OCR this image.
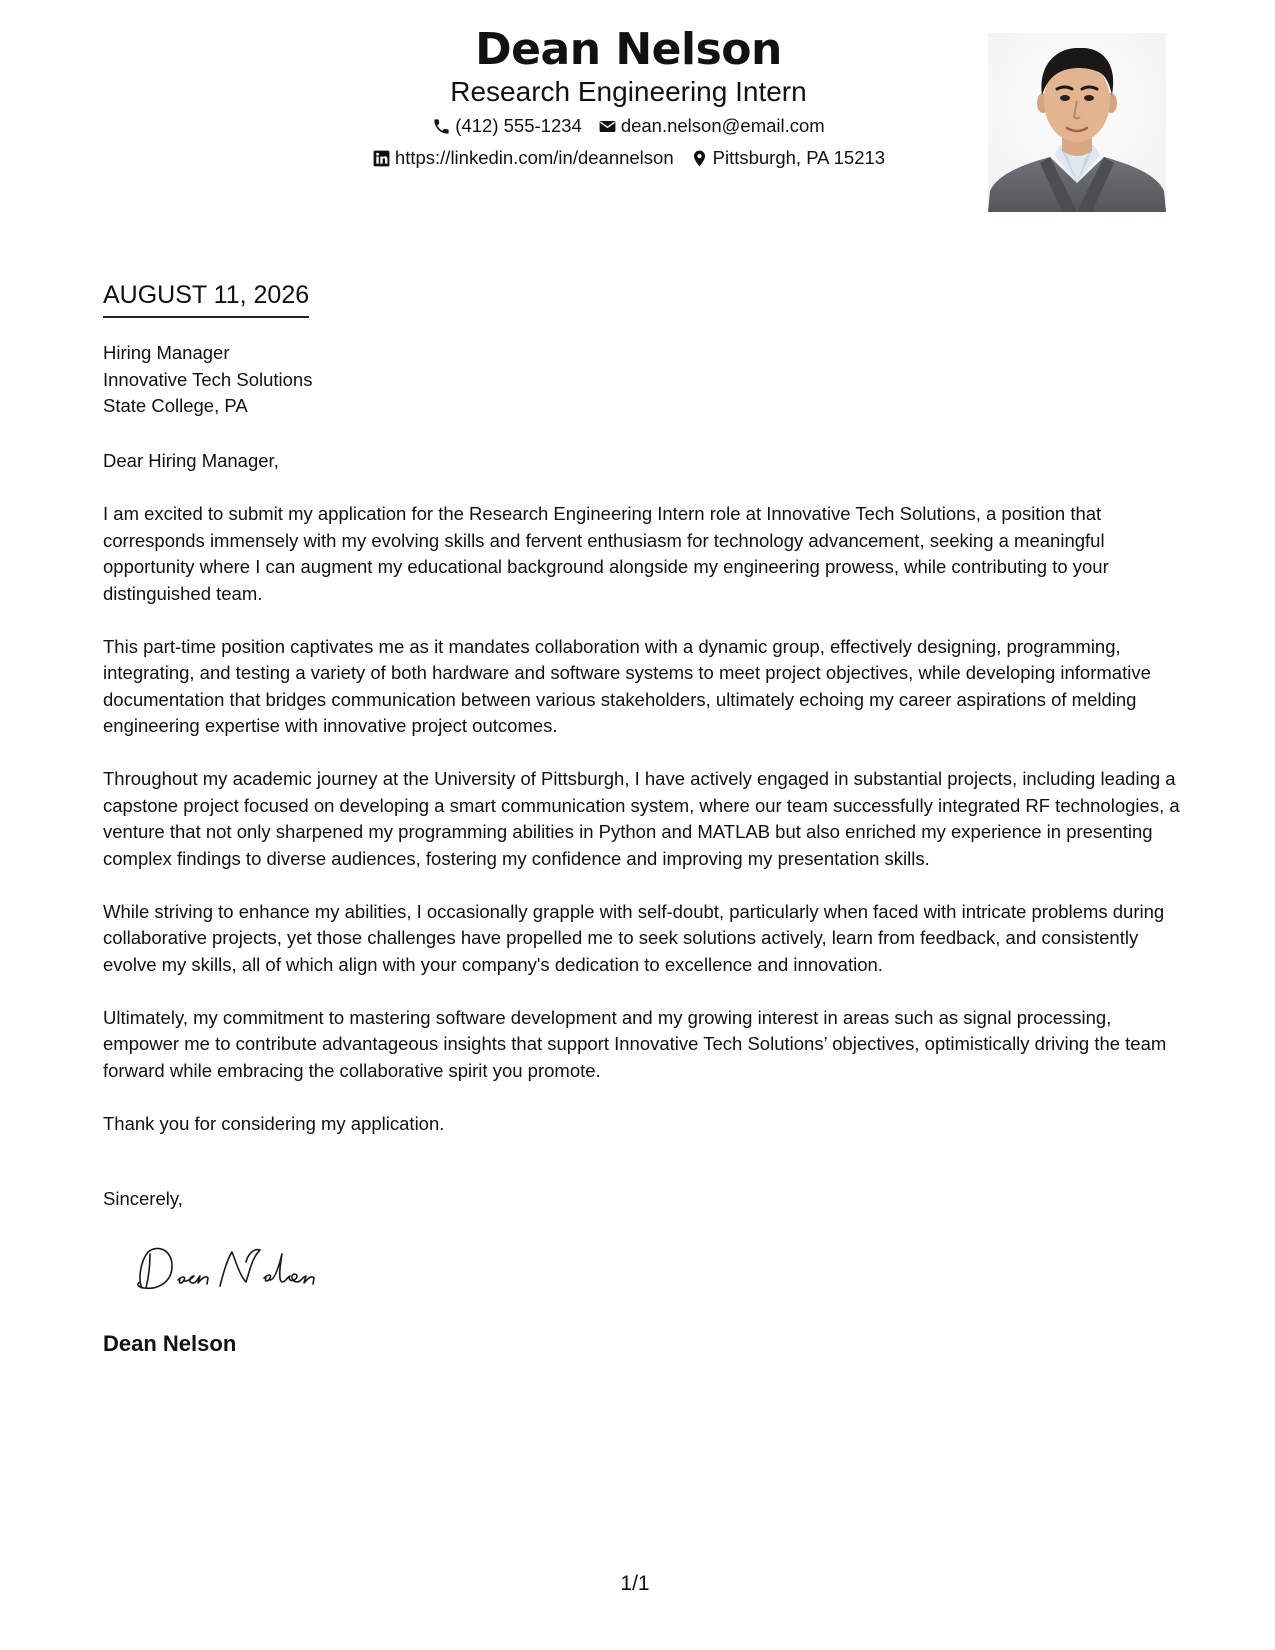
Dean Nelson
Research Engineering Intern
(412) 555-1234 dean.nelson@email.com
https://linkedin.com/in/deannelson Pittsburgh, PA 15213
AUGUST 11, 2026
Hiring Manager
Innovative Tech Solutions
State College, PA

Dear Hiring Manager,

I am excited to submit my application for the Research Engineering Intern role at Innovative Tech Solutions, a position that corresponds immensely with my evolving skills and fervent enthusiasm for technology advancement, seeking a meaningful opportunity where I can augment my educational background alongside my engineering prowess, while contributing to your distinguished team.

This part-time position captivates me as it mandates collaboration with a dynamic group, effectively designing, programming, integrating, and testing a variety of both hardware and software systems to meet project objectives, while developing informative documentation that bridges communication between various stakeholders, ultimately echoing my career aspirations of melding engineering expertise with innovative project outcomes.

Throughout my academic journey at the University of Pittsburgh, I have actively engaged in substantial projects, including leading a capstone project focused on developing a smart communication system, where our team successfully integrated RF technologies, a venture that not only sharpened my programming abilities in Python and MATLAB but also enriched my experience in presenting complex findings to diverse audiences, fostering my confidence and improving my presentation skills.

While striving to enhance my abilities, I occasionally grapple with self-doubt, particularly when faced with intricate problems during collaborative projects, yet those challenges have propelled me to seek solutions actively, learn from feedback, and consistently evolve my skills, all of which align with your company's dedication to excellence and innovation.

Ultimately, my commitment to mastering software development and my growing interest in areas such as signal processing, empower me to contribute advantageous insights that support Innovative Tech Solutions’ objectives, optimistically driving the team forward while embracing the collaborative spirit you promote.

Thank you for considering my application.

Sincerely,
Dean Nelson
1/1
